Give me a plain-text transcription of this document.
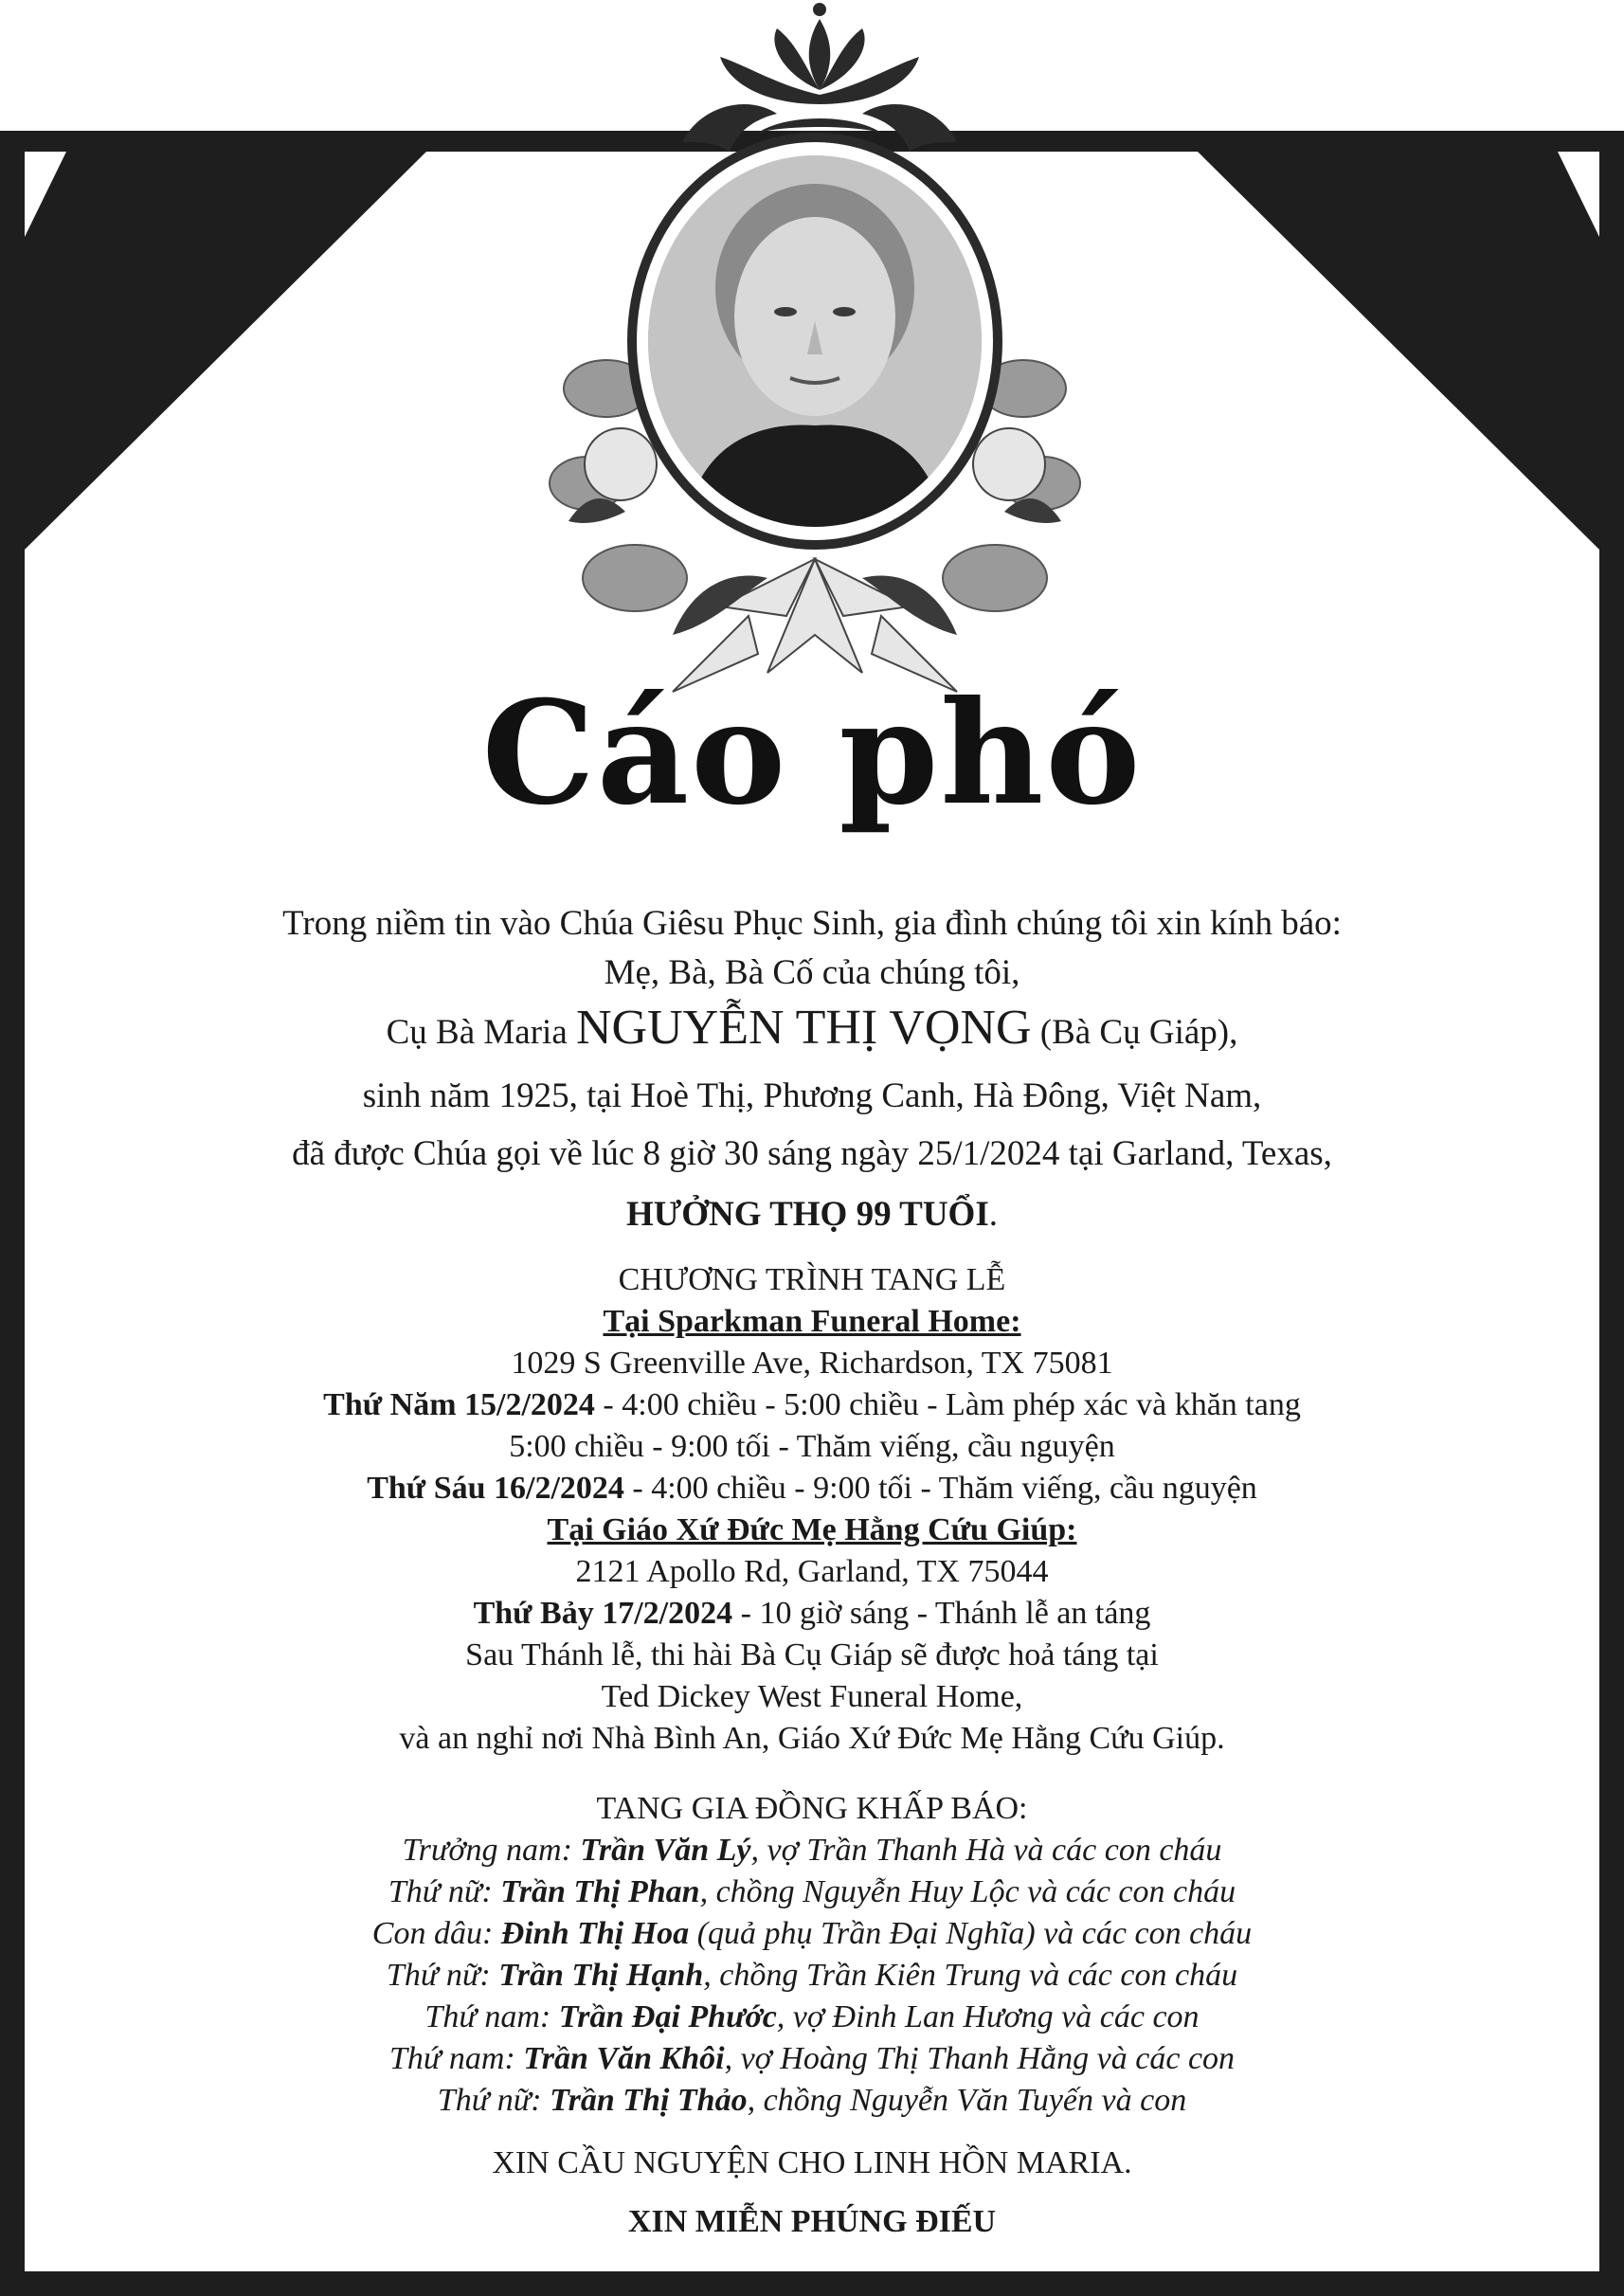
Cáo phó
Trong niềm tin vào Chúa Giêsu Phục Sinh, gia đình chúng tôi xin kính báo:
Mẹ, Bà, Bà Cố của chúng tôi,
Cụ Bà Maria NGUYỄN THỊ VỌNG (Bà Cụ Giáp),
sinh năm 1925, tại Hoè Thị, Phương Canh, Hà Đông, Việt Nam,
đã được Chúa gọi về lúc 8 giờ 30 sáng ngày 25/1/2024 tại Garland, Texas,
HƯỞNG THỌ 99 TUỔI.
CHƯƠNG TRÌNH TANG LỄ
Tại Sparkman Funeral Home:
1029 S Greenville Ave, Richardson, TX 75081
Thứ Năm 15/2/2024 - 4:00 chiều - 5:00 chiều - Làm phép xác và khăn tang
5:00 chiều - 9:00 tối - Thăm viếng, cầu nguyện
Thứ Sáu 16/2/2024 - 4:00 chiều - 9:00 tối - Thăm viếng, cầu nguyện
Tại Giáo Xứ Đức Mẹ Hằng Cứu Giúp:
2121 Apollo Rd, Garland, TX 75044
Thứ Bảy 17/2/2024 - 10 giờ sáng - Thánh lễ an táng
Sau Thánh lễ, thi hài Bà Cụ Giáp sẽ được hoả táng tại
Ted Dickey West Funeral Home,
và an nghỉ nơi Nhà Bình An, Giáo Xứ Đức Mẹ Hằng Cứu Giúp.
TANG GIA ĐỒNG KHẤP BÁO:
Trưởng nam: Trần Văn Lý, vợ Trần Thanh Hà và các con cháu
Thứ nữ: Trần Thị Phan, chồng Nguyễn Huy Lộc và các con cháu
Con dâu: Đinh Thị Hoa (quả phụ Trần Đại Nghĩa) và các con cháu
Thứ nữ: Trần Thị Hạnh, chồng Trần Kiên Trung và các con cháu
Thứ nam: Trần Đại Phước, vợ Đinh Lan Hương và các con
Thứ nam: Trần Văn Khôi, vợ Hoàng Thị Thanh Hằng và các con
Thứ nữ: Trần Thị Thảo, chồng Nguyễn Văn Tuyến và con
XIN CẦU NGUYỆN CHO LINH HỒN MARIA.
XIN MIỄN PHÚNG ĐIẾU
